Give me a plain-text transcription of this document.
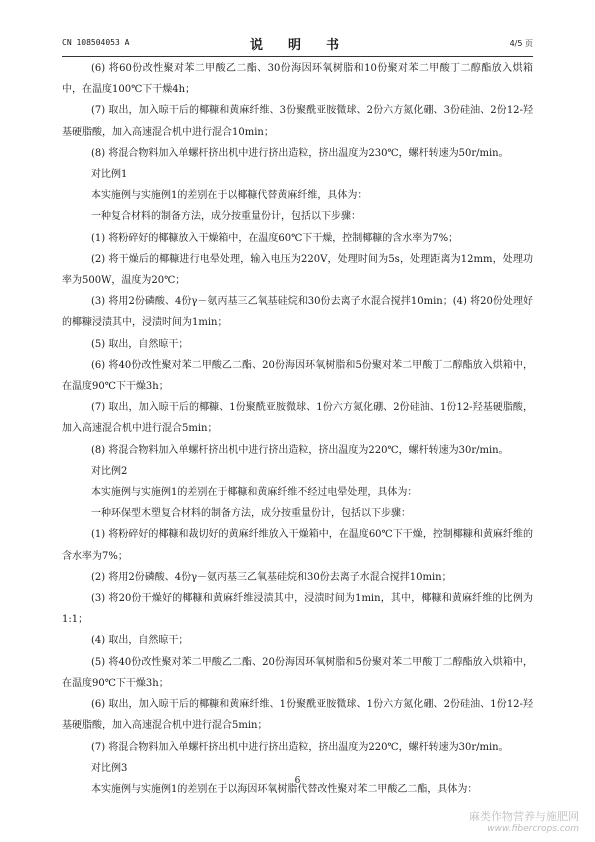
CN 108504053 A	说　明　书	4/5 页

(6) 将60份改性聚对苯二甲酸乙二酯、30份海因环氧树脂和10份聚对苯二甲酸丁二醇酯放入烘箱中，在温度100℃下干燥4h；

(7) 取出，加入晾干后的椰糠和黄麻纤维、3份聚酰亚胺微球、2份六方氮化硼、3份硅油、2份12-羟基硬脂酸，加入高速混合机中进行混合10min；

(8) 将混合物料加入单螺杆挤出机中进行挤出造粒，挤出温度为230℃，螺杆转速为50r/min。

对比例1

本实施例与实施例1的差别在于以椰糠代替黄麻纤维，具体为：

一种复合材料的制备方法，成分按重量份计，包括以下步骤：

(1) 将粉碎好的椰糠放入干燥箱中，在温度60℃下干燥，控制椰糠的含水率为7%；

(2) 将干燥后的椰糠进行电晕处理，输入电压为220V，处理时间为5s，处理距离为12mm，处理功率为500W，温度为20℃；

(3) 将用2份磷酸、4份γ－氨丙基三乙氧基硅烷和30份去离子水混合搅拌10min；(4) 将20份处理好的椰糠浸渍其中，浸渍时间为1min；

(5) 取出，自然晾干；

(6) 将40份改性聚对苯二甲酸乙二酯、20份海因环氧树脂和5份聚对苯二甲酸丁二醇酯放入烘箱中，在温度90℃下干燥3h；

(7) 取出，加入晾干后的椰糠、1份聚酰亚胺微球、1份六方氮化硼、2份硅油、1份12-羟基硬脂酸，加入高速混合机中进行混合5min；

(8) 将混合物料加入单螺杆挤出机中进行挤出造粒，挤出温度为220℃，螺杆转速为30r/min。

对比例2

本实施例与实施例1的差别在于椰糠和黄麻纤维不经过电晕处理，具体为：

一种环保型木塑复合材料的制备方法，成分按重量份计，包括以下步骤：

(1) 将粉碎好的椰糠和裁切好的黄麻纤维放入干燥箱中，在温度60℃下干燥，控制椰糠和黄麻纤维的含水率为7%；

(2) 将用2份磷酸、4份γ－氨丙基三乙氧基硅烷和30份去离子水混合搅拌10min；

(3) 将20份干燥好的椰糠和黄麻纤维浸渍其中，浸渍时间为1min，其中，椰糠和黄麻纤维的比例为1:1；

(4) 取出，自然晾干；

(5) 将40份改性聚对苯二甲酸乙二酯、20份海因环氧树脂和5份聚对苯二甲酸丁二醇酯放入烘箱中，在温度90℃下干燥3h；

(6) 取出，加入晾干后的椰糠和黄麻纤维、1份聚酰亚胺微球、1份六方氮化硼、2份硅油、1份12-羟基硬脂酸，加入高速混合机中进行混合5min；

(7) 将混合物料加入单螺杆挤出机中进行挤出造粒，挤出温度为220℃，螺杆转速为30r/min。

对比例3

本实施例与实施例1的差别在于以海因环氧树脂代替改性聚对苯二甲酸乙二酯，具体为：

6
麻类作物营养与施肥网
www.fibercrops.com
